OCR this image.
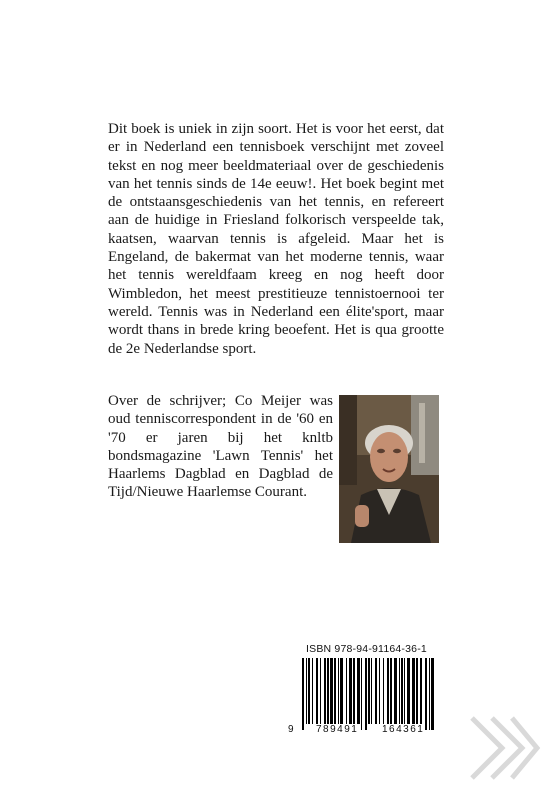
Dit boek is uniek in zijn soort. Het is voor het eerst, dat er in Nederland een tennisboek verschijnt met zoveel tekst en nog meer beeldmateriaal over de geschiedenis van het tennis sinds de 14e eeuw!. Het boek begint met de ontstaansgeschiedenis van het tennis, en refereert aan de huidige in Friesland folkorisch verspeelde tak, kaatsen, waarvan tennis is afgeleid. Maar het is Engeland, de bakermat van het moderne tennis, waar het tennis wereldfaam kreeg en nog heeft door Wimbledon, het meest prestitieuze tennistoernooi ter wereld. Tennis was in Nederland een élite'sport, maar wordt thans in brede kring beoefent. Het is qua grootte de 2e Nederlandse sport.

Over de schrijver; Co Meijer was oud tenniscorrespondent in de '60 en '70 er jaren bij het knltb bondsmagazine 'Lawn Tennis' het Haarlems Dagblad en Dagblad de Tijd/Nieuwe Haarlemse Courant.

ISBN 978-94-91164-36-1
9 789491 164361
